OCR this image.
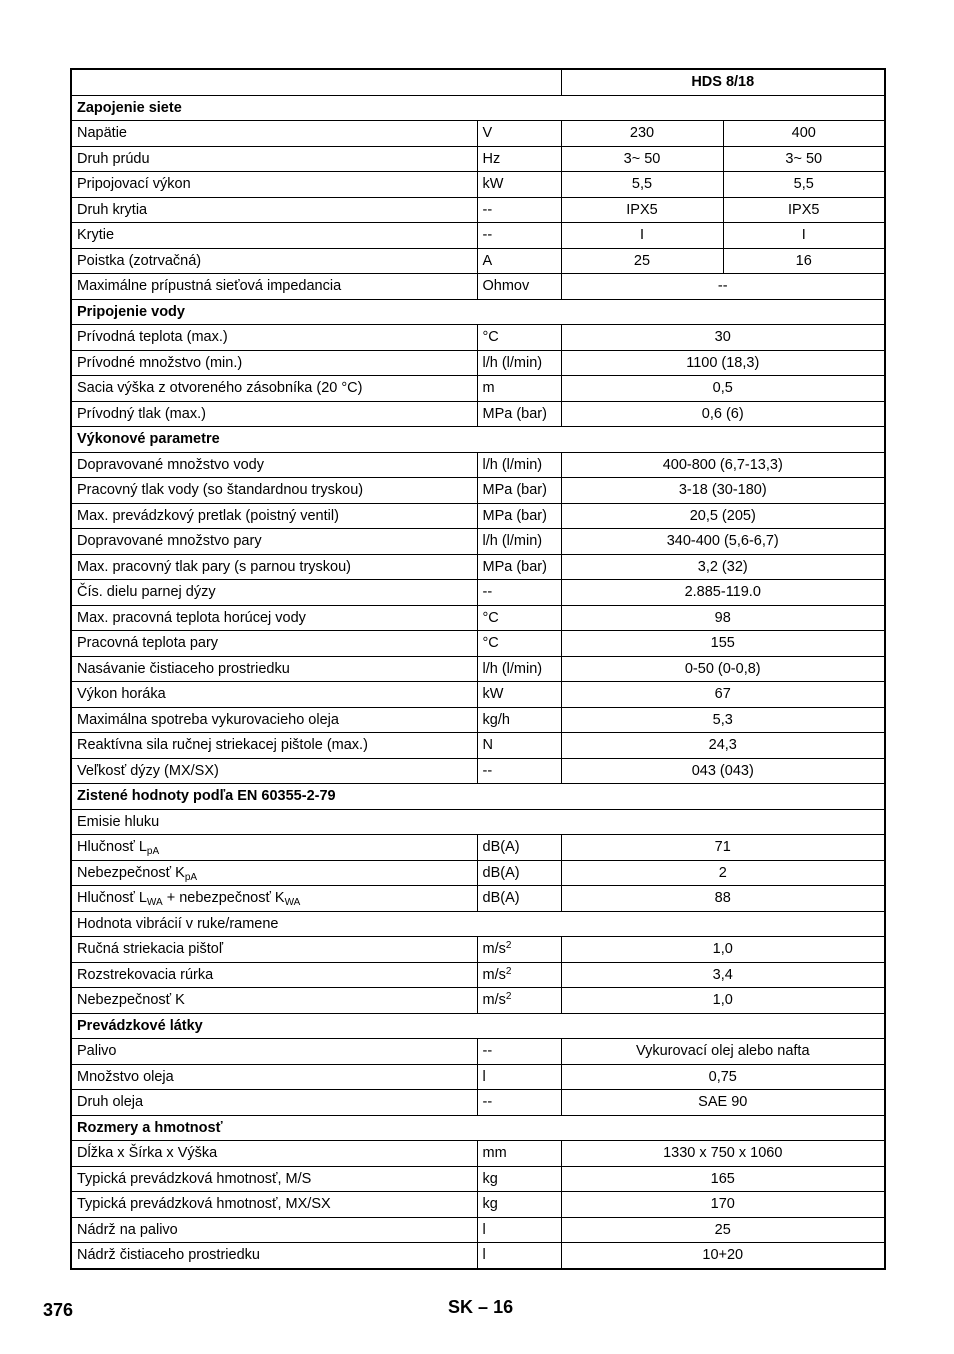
		HDS 8/18	
Zapojenie siete			
Napätie	V	230	400
Druh prúdu	Hz	3~ 50	3~ 50
Pripojovací výkon	kW	5,5	5,5
Druh krytia	--	IPX5	IPX5
Krytie	--	I	I
Poistka (zotrvačná)	A	25	16
Maximálne prípustná sieťová impedancia	Ohmov	--	
Pripojenie vody			
Prívodná teplota (max.)	°C	30	
Prívodné množstvo (min.)	l/h (l/min)	1100 (18,3)	
Sacia výška z otvoreného zásobníka (20 °C)	m	0,5	
Prívodný tlak (max.)	MPa (bar)	0,6 (6)	
Výkonové parametre			
Dopravované množstvo vody	l/h (l/min)	400-800 (6,7-13,3)	
Pracovný tlak vody (so štandardnou tryskou)	MPa (bar)	3-18 (30-180)	
Max. prevádzkový pretlak (poistný ventil)	MPa (bar)	20,5 (205)	
Dopravované množstvo pary	l/h (l/min)	340-400 (5,6-6,7)	
Max. pracovný tlak pary (s parnou tryskou)	MPa (bar)	3,2 (32)	
Čís. dielu parnej dýzy	--	2.885-119.0	
Max. pracovná teplota horúcej vody	°C	98	
Pracovná teplota pary	°C	155	
Nasávanie čistiaceho prostriedku	l/h (l/min)	0-50 (0-0,8)	
Výkon horáka	kW	67	
Maximálna spotreba vykurovacieho oleja	kg/h	5,3	
Reaktívna sila ručnej striekacej pištole (max.)	N	24,3	
Veľkosť dýzy (MX/SX)	--	043 (043)	
Zistené hodnoty podľa EN 60355-2-79			
Emisie hluku			
Hlučnosť $L_{pA}$	dB(A)	71	
Nebezpečnosť $K_{pA}$	dB(A)	2	
Hlučnosť $L_{WA}$ + nebezpečnosť $K_{WA}$	dB(A)	88	
Hodnota vibrácií v ruke/ramene			
Ručná striekacia pištoľ	$m/s^2$	1,0	
Rozstrekovacia rúrka	$m/s^2$	3,4	
Nebezpečnosť K	$m/s^2$	1,0	
Prevádzkové látky			
Palivo	--	Vykurovací olej alebo nafta	
Množstvo oleja	l	0,75	
Druh oleja	--	SAE 90	
Rozmery a hmotnosť			
Dĺžka x Šírka x Výška	mm	1330 x 750 x 1060	
Typická prevádzková hmotnosť, M/S	kg	165	
Typická prevádzková hmotnosť, MX/SX	kg	170	
Nádrž na palivo	l	25	
Nádrž čistiaceho prostriedku	l	10+20	
376	SK – 16
